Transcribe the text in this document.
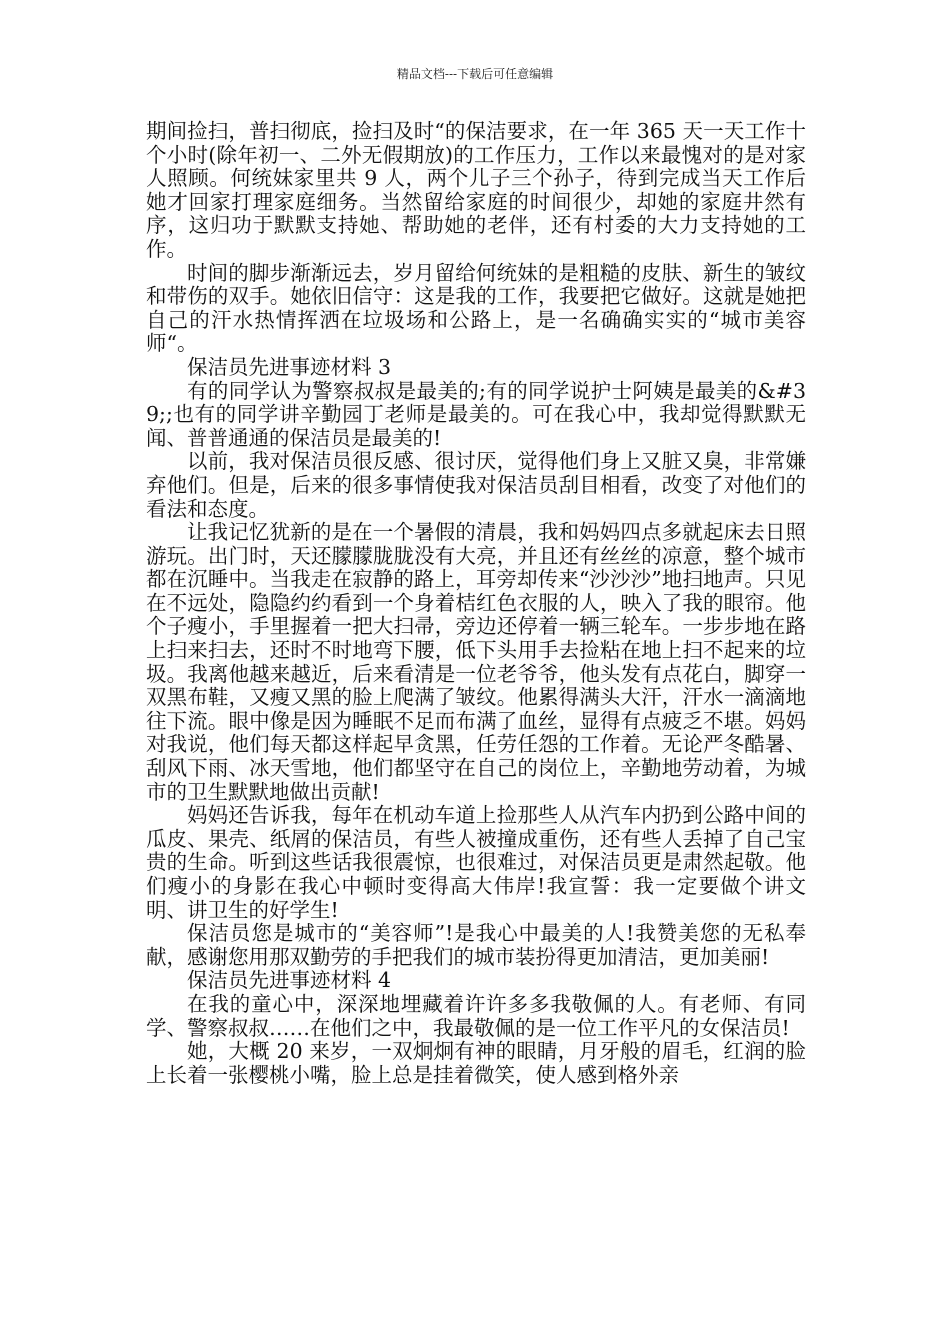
精品文档---下载后可任意编辑

期间捡扫，普扫彻底，捡扫及时“的保洁要求，在一年 365 天一天工作十个小时(除年初一、二外无假期放)的工作压力，工作以来最愧对的是对家人照顾。何统妹家里共 9 人，两个儿子三个孙子，待到完成当天工作后她才回家打理家庭细务。当然留给家庭的时间很少，却她的家庭井然有序，这归功于默默支持她、帮助她的老伴，还有村委的大力支持她的工作。

时间的脚步渐渐远去，岁月留给何统妹的是粗糙的皮肤、新生的皱纹和带伤的双手。她依旧信守：这是我的工作，我要把它做好。这就是她把自己的汗水热情挥洒在垃圾场和公路上，是一名确确实实的“城市美容师“。

保洁员先进事迹材料 3

有的同学认为警察叔叔是最美的;有的同学说护士阿姨是最美的&#39;;也有的同学讲辛勤园丁老师是最美的。可在我心中，我却觉得默默无闻、普普通通的保洁员是最美的!

以前，我对保洁员很反感、很讨厌，觉得他们身上又脏又臭，非常嫌弃他们。但是，后来的很多事情使我对保洁员刮目相看，改变了对他们的看法和态度。

让我记忆犹新的是在一个暑假的清晨，我和妈妈四点多就起床去日照游玩。出门时，天还朦朦胧胧没有大亮，并且还有丝丝的凉意，整个城市都在沉睡中。当我走在寂静的路上，耳旁却传来“沙沙沙”地扫地声。只见在不远处，隐隐约约看到一个身着桔红色衣服的人，映入了我的眼帘。他个子瘦小，手里握着一把大扫帚，旁边还停着一辆三轮车。一步步地在路上扫来扫去，还时不时地弯下腰，低下头用手去捡粘在地上扫不起来的垃圾。我离他越来越近，后来看清是一位老爷爷，他头发有点花白，脚穿一双黑布鞋，又瘦又黑的脸上爬满了皱纹。他累得满头大汗，汗水一滴滴地往下流。眼中像是因为睡眠不足而布满了血丝，显得有点疲乏不堪。妈妈对我说，他们每天都这样起早贪黑，任劳任怨的工作着。无论严冬酷暑、刮风下雨、冰天雪地，他们都坚守在自己的岗位上，辛勤地劳动着，为城市的卫生默默地做出贡献!

妈妈还告诉我，每年在机动车道上捡那些人从汽车内扔到公路中间的瓜皮、果壳、纸屑的保洁员，有些人被撞成重伤，还有些人丢掉了自己宝贵的生命。听到这些话我很震惊，也很难过，对保洁员更是肃然起敬。他们瘦小的身影在我心中顿时变得高大伟岸!我宣誓：我一定要做个讲文明、讲卫生的好学生!

保洁员您是城市的“美容师”!是我心中最美的人!我赞美您的无私奉献，感谢您用那双勤劳的手把我们的城市装扮得更加清洁，更加美丽!

保洁员先进事迹材料 4

在我的童心中，深深地埋藏着许许多多我敬佩的人。有老师、有同学、警察叔叔……在他们之中，我最敬佩的是一位工作平凡的女保洁员!

她，大概 20 来岁，一双炯炯有神的眼睛，月牙般的眉毛，红润的脸上长着一张樱桃小嘴，脸上总是挂着微笑，使人感到格外亲
